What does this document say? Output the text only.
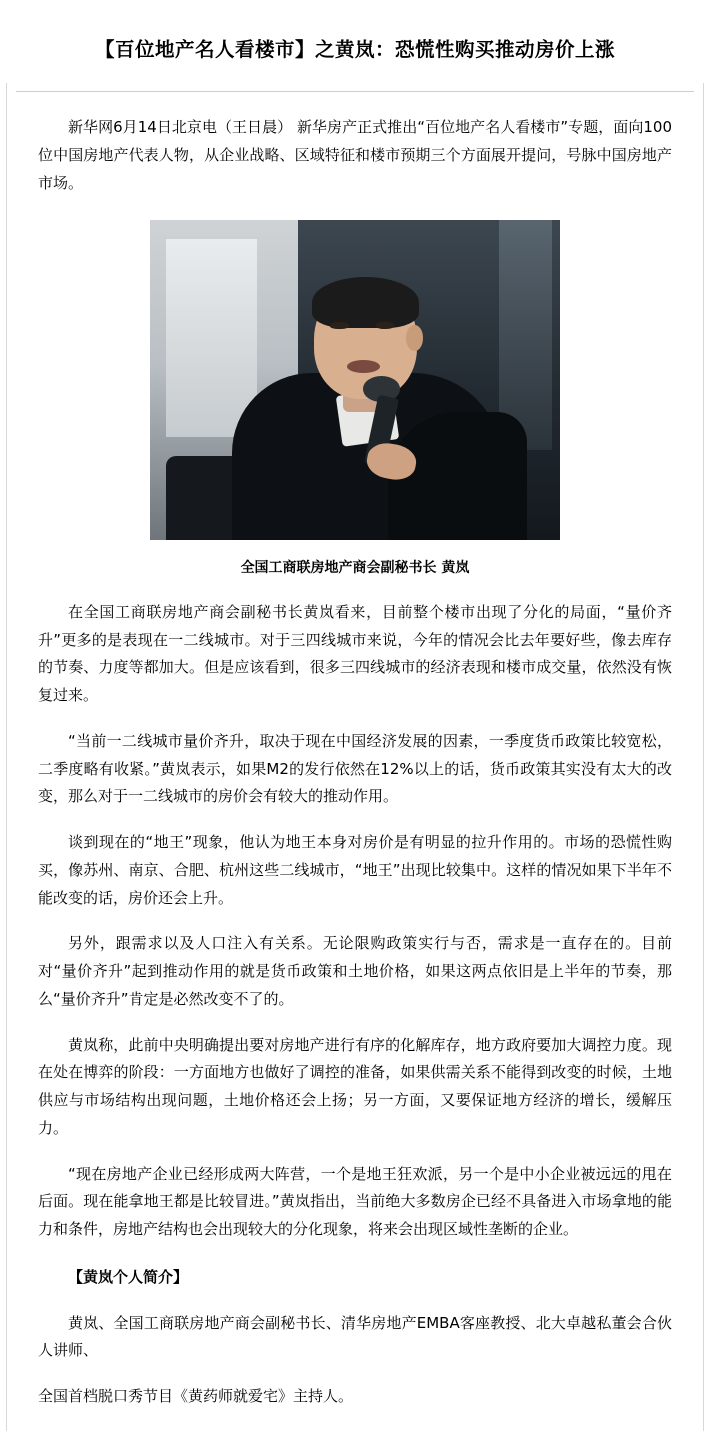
【百位地产名人看楼市】之黄岚：恐慌性购买推动房价上涨

新华网6月14日北京电（王日晨） 新华房产正式推出“百位地产名人看楼市”专题，面向100位中国房地产代表人物，从企业战略、区域特征和楼市预期三个方面展开提问，号脉中国房地产市场。

全国工商联房地产商会副秘书长 黄岚

在全国工商联房地产商会副秘书长黄岚看来，目前整个楼市出现了分化的局面，“量价齐升”更多的是表现在一二线城市。对于三四线城市来说，今年的情况会比去年要好些，像去库存的节奏、力度等都加大。但是应该看到，很多三四线城市的经济表现和楼市成交量，依然没有恢复过来。

“当前一二线城市量价齐升，取决于现在中国经济发展的因素，一季度货币政策比较宽松，二季度略有收紧。”黄岚表示，如果M2的发行依然在12%以上的话，货币政策其实没有太大的改变，那么对于一二线城市的房价会有较大的推动作用。

谈到现在的“地王”现象，他认为地王本身对房价是有明显的拉升作用的。市场的恐慌性购买，像苏州、南京、合肥、杭州这些二线城市，“地王”出现比较集中。这样的情况如果下半年不能改变的话，房价还会上升。

另外，跟需求以及人口注入有关系。无论限购政策实行与否，需求是一直存在的。目前对“量价齐升”起到推动作用的就是货币政策和土地价格，如果这两点依旧是上半年的节奏，那么“量价齐升”肯定是必然改变不了的。

黄岚称，此前中央明确提出要对房地产进行有序的化解库存，地方政府要加大调控力度。现在处在博弈的阶段：一方面地方也做好了调控的准备，如果供需关系不能得到改变的时候，土地供应与市场结构出现问题，土地价格还会上扬；另一方面，又要保证地方经济的增长，缓解压力。

“现在房地产企业已经形成两大阵营，一个是地王狂欢派，另一个是中小企业被远远的甩在后面。现在能拿地王都是比较冒进。”黄岚指出，当前绝大多数房企已经不具备进入市场拿地的能力和条件，房地产结构也会出现较大的分化现象，将来会出现区域性垄断的企业。

【黄岚个人简介】

黄岚、全国工商联房地产商会副秘书长、清华房地产EMBA客座教授、北大卓越私董会合伙人讲师、

全国首档脱口秀节目《黄药师就爱宅》主持人。
